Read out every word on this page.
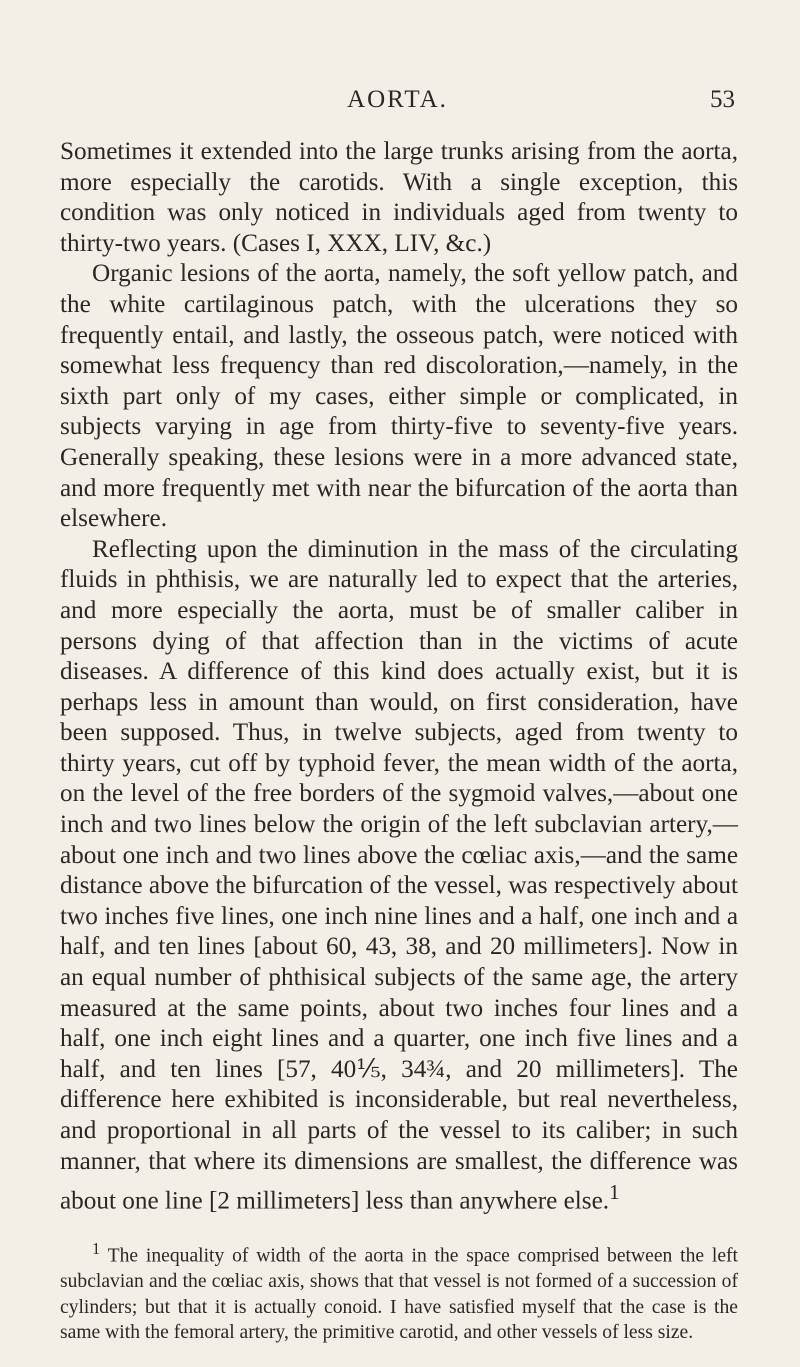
AORTA.	53

Sometimes it extended into the large trunks arising from the aorta, more especially the carotids. With a single exception, this condition was only noticed in individuals aged from twenty to thirty-two years. (Cases I, XXX, LIV, &c.)

Organic lesions of the aorta, namely, the soft yellow patch, and the white cartilaginous patch, with the ulcerations they so frequently entail, and lastly, the osseous patch, were noticed with somewhat less frequency than red discoloration,—namely, in the sixth part only of my cases, either simple or complicated, in subjects varying in age from thirty-five to seventy-five years. Generally speaking, these lesions were in a more advanced state, and more frequently met with near the bifurcation of the aorta than elsewhere.

Reflecting upon the diminution in the mass of the circulating fluids in phthisis, we are naturally led to expect that the arteries, and more especially the aorta, must be of smaller caliber in persons dying of that affection than in the victims of acute diseases. A difference of this kind does actually exist, but it is perhaps less in amount than would, on first consideration, have been supposed. Thus, in twelve subjects, aged from twenty to thirty years, cut off by typhoid fever, the mean width of the aorta, on the level of the free borders of the sygmoid valves,—about one inch and two lines below the origin of the left subclavian artery,—about one inch and two lines above the cœliac axis,—and the same distance above the bifurcation of the vessel, was respectively about two inches five lines, one inch nine lines and a half, one inch and a half, and ten lines [about 60, 43, 38, and 20 millimeters]. Now in an equal number of phthisical subjects of the same age, the artery measured at the same points, about two inches four lines and a half, one inch eight lines and a quarter, one inch five lines and a half, and ten lines [57, 40⅕, 34¾, and 20 millimeters]. The difference here exhibited is inconsiderable, but real nevertheless, and proportional in all parts of the vessel to its caliber; in such manner, that where its dimensions are smallest, the difference was about one line [2 millimeters] less than anywhere else.$^1$

$^1$ The inequality of width of the aorta in the space comprised between the left subclavian and the cœliac axis, shows that that vessel is not formed of a succession of cylinders; but that it is actually conoid. I have satisfied myself that the case is the same with the femoral artery, the primitive carotid, and other vessels of less size.
